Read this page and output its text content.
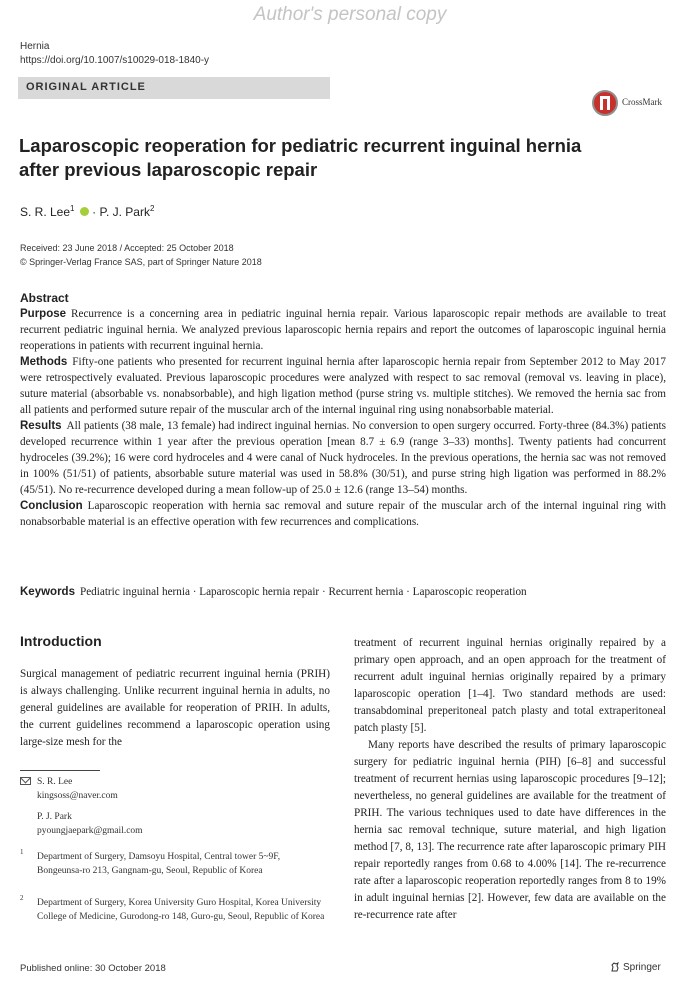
Author's personal copy
Hernia
https://doi.org/10.1007/s10029-018-1840-y
ORIGINAL ARTICLE
CrossMark
Laparoscopic reoperation for pediatric recurrent inguinal hernia after previous laparoscopic repair
S. R. Lee$^1$  · P. J. Park$^2$
Received: 23 June 2018 / Accepted: 25 October 2018
© Springer-Verlag France SAS, part of Springer Nature 2018
Abstract

Purpose Recurrence is a concerning area in pediatric inguinal hernia repair. Various laparoscopic repair methods are available to treat recurrent pediatric inguinal hernia. We analyzed previous laparoscopic hernia repairs and report the outcomes of laparoscopic inguinal hernia reoperations in patients with recurrent inguinal hernia.

Methods Fifty-one patients who presented for recurrent inguinal hernia after laparoscopic hernia repair from September 2012 to May 2017 were retrospectively evaluated. Previous laparoscopic procedures were analyzed with respect to sac removal (removal vs. leaving in place), suture material (absorbable vs. nonabsorbable), and high ligation method (purse string vs. multiple stitches). We removed the hernia sac from all patients and performed suture repair of the muscular arch of the internal inguinal ring using nonabsorbable material.

Results All patients (38 male, 13 female) had indirect inguinal hernias. No conversion to open surgery occurred. Forty-three (84.3%) patients developed recurrence within 1 year after the previous operation [mean 8.7 ± 6.9 (range 3–33) months]. Twenty patients had concurrent hydroceles (39.2%); 16 were cord hydroceles and 4 were canal of Nuck hydroceles. In the previous operations, the hernia sac was not removed in 100% (51/51) of patients, absorbable suture material was used in 58.8% (30/51), and purse string high ligation was performed in 88.2% (45/51). No re-recurrence developed during a mean follow-up of 25.0 ± 12.6 (range 13–54) months.

Conclusion Laparoscopic reoperation with hernia sac removal and suture repair of the muscular arch of the internal inguinal ring with nonabsorbable material is an effective operation with few recurrences and complications.

Keywords Pediatric inguinal hernia · Laparoscopic hernia repair · Recurrent hernia · Laparoscopic reoperation
Introduction
Surgical management of pediatric recurrent inguinal hernia (PRIH) is always challenging. Unlike recurrent inguinal hernia in adults, no general guidelines are available for reoperation of PRIH. In adults, the current guidelines recommend a laparoscopic operation using large-size mesh for the

treatment of recurrent inguinal hernias originally repaired by a primary open approach, and an open approach for the treatment of recurrent adult inguinal hernias originally repaired by a primary laparoscopic operation [1–4]. Two standard methods are used: transabdominal preperitoneal patch plasty and total extraperitoneal patch plasty [5].

Many reports have described the results of primary laparoscopic surgery for pediatric inguinal hernia (PIH) [6–8] and successful treatment of recurrent hernias using laparoscopic procedures [9–12]; nevertheless, no general guidelines are available for the treatment of PRIH. The various techniques used to date have differences in the hernia sac removal technique, suture material, and high ligation method [7, 8, 13]. The recurrence rate after laparoscopic primary PIH repair reportedly ranges from 0.68 to 4.00% [14]. The re-recurrence rate after a laparoscopic reoperation reportedly ranges from 8 to 19% in adult inguinal hernias [2]. However, few data are available on the re-recurrence rate after

S. R. Lee
kingsoss@naver.com
P. J. Park
pyoungjaepark@gmail.com
1 Department of Surgery, Damsoyu Hospital, Central tower 5~9F, Bongeunsa-ro 213, Gangnam-gu, Seoul, Republic of Korea
2 Department of Surgery, Korea University Guro Hospital, Korea University College of Medicine, Gurodong-ro 148, Guro-gu, Seoul, Republic of Korea
Published online: 30 October 2018	Springer
